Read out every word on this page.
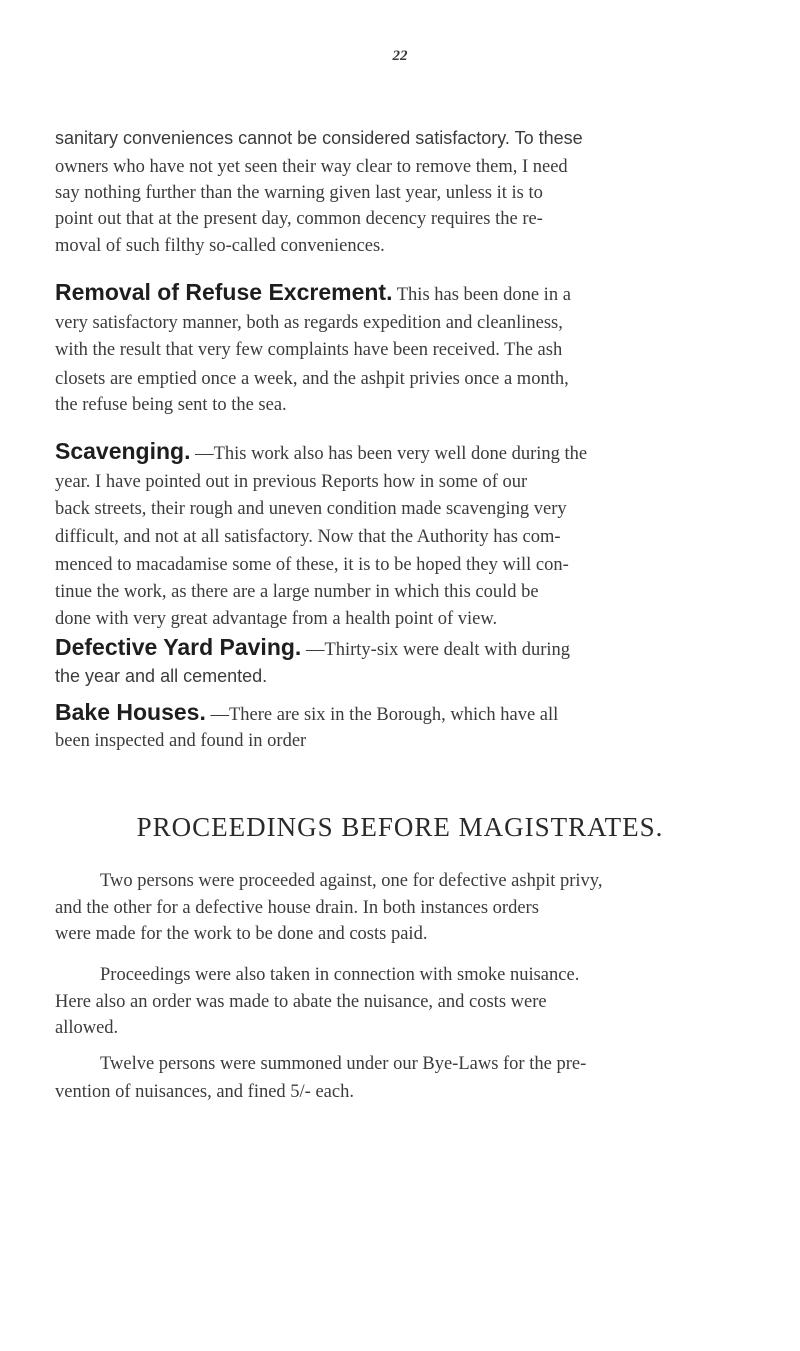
22
sanitary conveniences cannot be considered satisfactory. To these
owners who have not yet seen their way clear to remove them, I need
say nothing further than the warning given last year, unless it is to
point out that at the present day, common decency requires the re-
moval of such filthy so-called conveniences.
Removal of Refuse Excrement. This has been done in a
very satisfactory manner, both as regards expedition and cleanliness,
with the result that very few complaints have been received. The ash
closets are emptied once a week, and the ashpit privies once a month,
the refuse being sent to the sea.
Scavenging. —This work also has been very well done during the
year. I have pointed out in previous Reports how in some of our
back streets, their rough and uneven condition made scavenging very
difficult, and not at all satisfactory. Now that the Authority has com-
menced to macadamise some of these, it is to be hoped they will con-
tinue the work, as there are a large number in which this could be
done with very great advantage from a health point of view.
Defective Yard Paving. —Thirty-six were dealt with during
the year and all cemented.
Bake Houses. —There are six in the Borough, which have all
been inspected and found in order
PROCEEDINGS BEFORE MAGISTRATES.
Two persons were proceeded against, one for defective ashpit privy,
and the other for a defective house drain. In both instances orders
were made for the work to be done and costs paid.
Proceedings were also taken in connection with smoke nuisance.
Here also an order was made to abate the nuisance, and costs were
allowed.
Twelve persons were summoned under our Bye-Laws for the pre-
vention of nuisances, and fined 5/- each.
